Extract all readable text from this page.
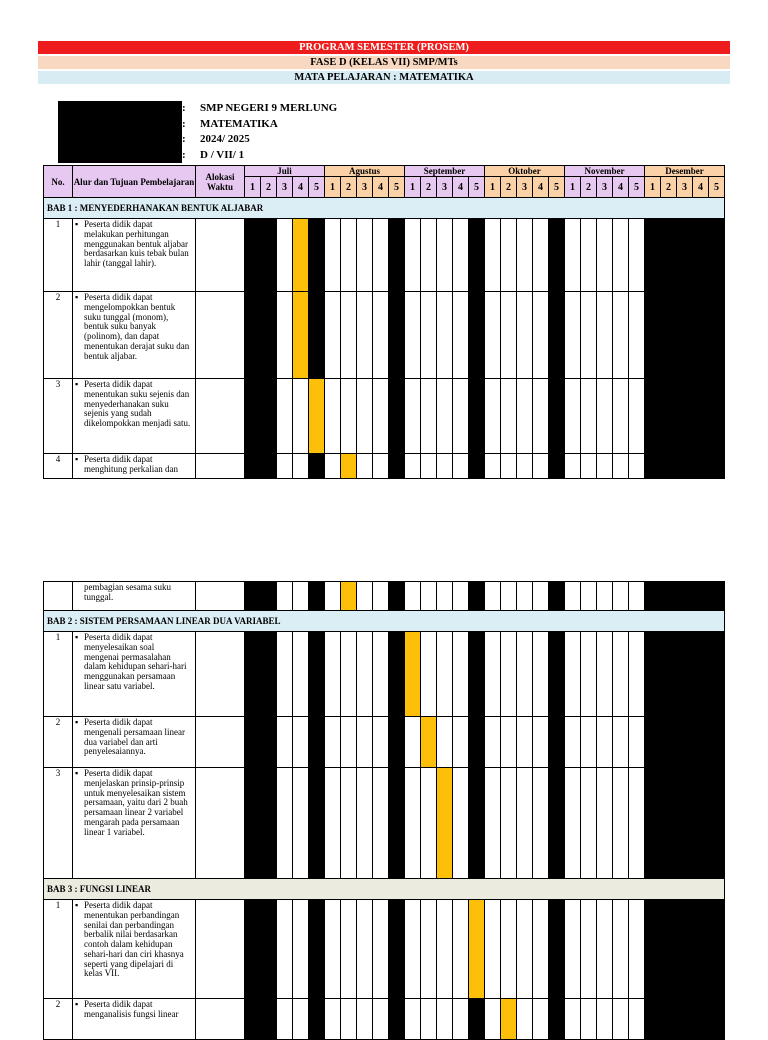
PROGRAM SEMESTER (PROSEM)
FASE D (KELAS VII) SMP/MTs
MATA PELAJARAN : MATEMATIKA
Satuan Pendidikan	:	SMP NEGERI 9 MERLUNG
Mata Pelajaran	:	MATEMATIKA
Tahun Pelajaran	:	2024/ 2025
Fase/Kelas/Semester	:	D / VII/ 1
No.	Alur dan Tujuan Pembelajaran	Alokasi Waktu	Juli					Agustus					September					Oktober					November					Desember				
			1	2	3	4	5	1	2	3	4	5	1	2	3	4	5	1	2	3	4	5	1	2	3	4	5	1	2	3	4	5
BAB 1 : MENYEDERHANAKAN BENTUK ALJABAR																																
1	▪ Peserta didik dapat melakukan perhitungan menggunakan bentuk aljabar berdasarkan kuis tebak bulan lahir (tanggal lahir).																															

2	▪ Peserta didik dapat mengelompokkan bentuk suku tunggal (monom), bentuk suku banyak (polinom), dan dapat menentukan derajat suku dan bentuk aljabar.																															

3	▪ Peserta didik dapat menentukan suku sejenis dan menyederhanakan suku sejenis yang sudah dikelompokkan menjadi satu.																															

4	▪ Peserta didik dapat menghitung perkalian dan																															

	pembagian sesama suku tunggal.																															

BAB 2 : SISTEM PERSAMAAN LINEAR DUA VARIABEL																																
1	▪ Peserta didik dapat menyelesaikan soal mengenai permasalahan dalam kehidupan sehari-hari menggunakan persamaan linear satu variabel.																															

2	▪ Peserta didik dapat mengenali persamaan linear dua variabel dan arti penyelesaiannya.																															

3	▪ Peserta didik dapat menjelaskan prinsip-prinsip untuk menyelesaikan sistem persamaan, yaitu dari 2 buah persamaan linear 2 variabel mengarah pada persamaan linear 1 variabel.																															

BAB 3 : FUNGSI LINEAR																																
1	▪ Peserta didik dapat menentukan perbandingan senilai dan perbandingan berbalik nilai berdasarkan contoh dalam kehidupan sehari-hari dan ciri khasnya seperti yang dipelajari di kelas VII.																															

2	▪ Peserta didik dapat menganalisis fungsi linear																															
